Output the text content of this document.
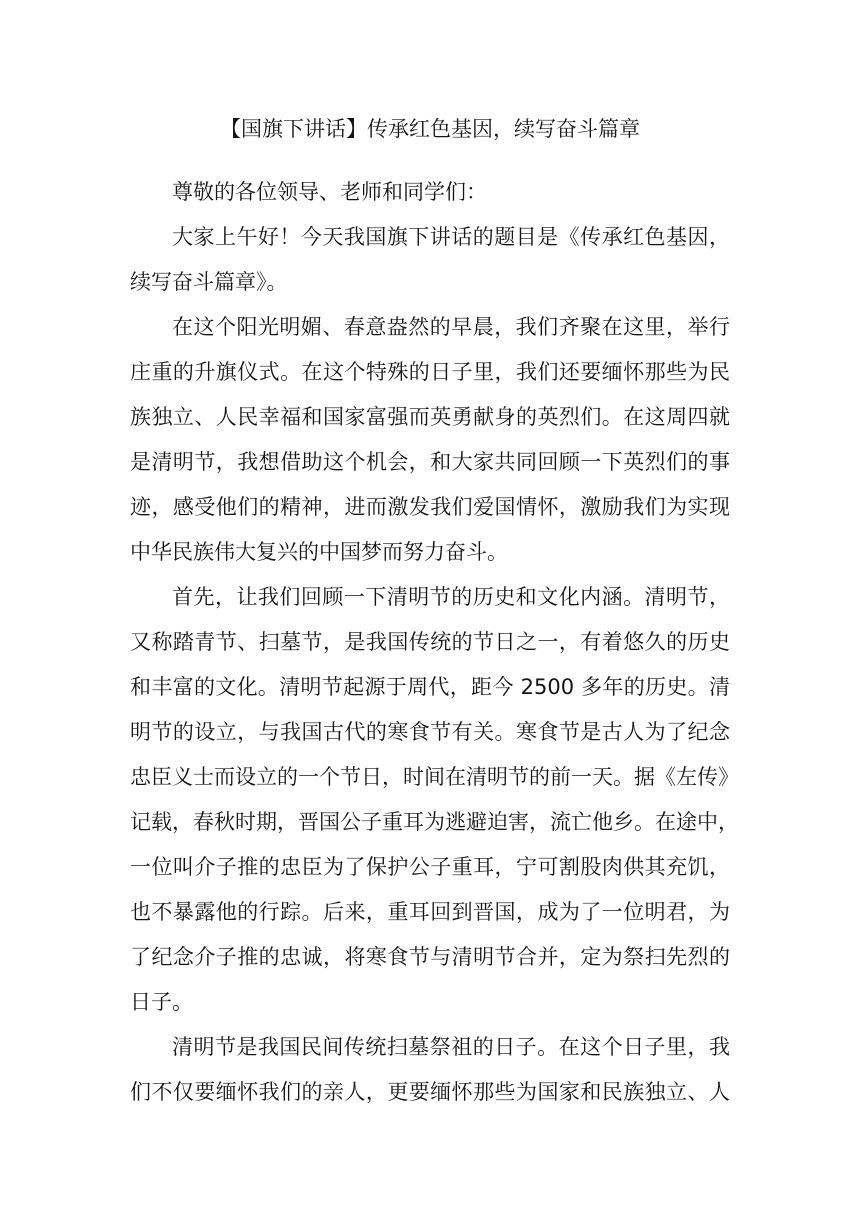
【国旗下讲话】传承红色基因，续写奋斗篇章

尊敬的各位领导、老师和同学们：

大家上午好！今天我国旗下讲话的题目是《传承红色基因，
续写奋斗篇章》。

在这个阳光明媚、春意盎然的早晨，我们齐聚在这里，举行
庄重的升旗仪式。在这个特殊的日子里，我们还要缅怀那些为民
族独立、人民幸福和国家富强而英勇献身的英烈们。在这周四就
是清明节，我想借助这个机会，和大家共同回顾一下英烈们的事
迹，感受他们的精神，进而激发我们爱国情怀，激励我们为实现
中华民族伟大复兴的中国梦而努力奋斗。

首先，让我们回顾一下清明节的历史和文化内涵。清明节，
又称踏青节、扫墓节，是我国传统的节日之一，有着悠久的历史
和丰富的文化。清明节起源于周代，距今 2500 多年的历史。清
明节的设立，与我国古代的寒食节有关。寒食节是古人为了纪念
忠臣义士而设立的一个节日，时间在清明节的前一天。据《左传》
记载，春秋时期，晋国公子重耳为逃避迫害，流亡他乡。在途中，
一位叫介子推的忠臣为了保护公子重耳，宁可割股肉供其充饥，
也不暴露他的行踪。后来，重耳回到晋国，成为了一位明君，为
了纪念介子推的忠诚，将寒食节与清明节合并，定为祭扫先烈的
日子。

清明节是我国民间传统扫墓祭祖的日子。在这个日子里，我
们不仅要缅怀我们的亲人，更要缅怀那些为国家和民族独立、人
